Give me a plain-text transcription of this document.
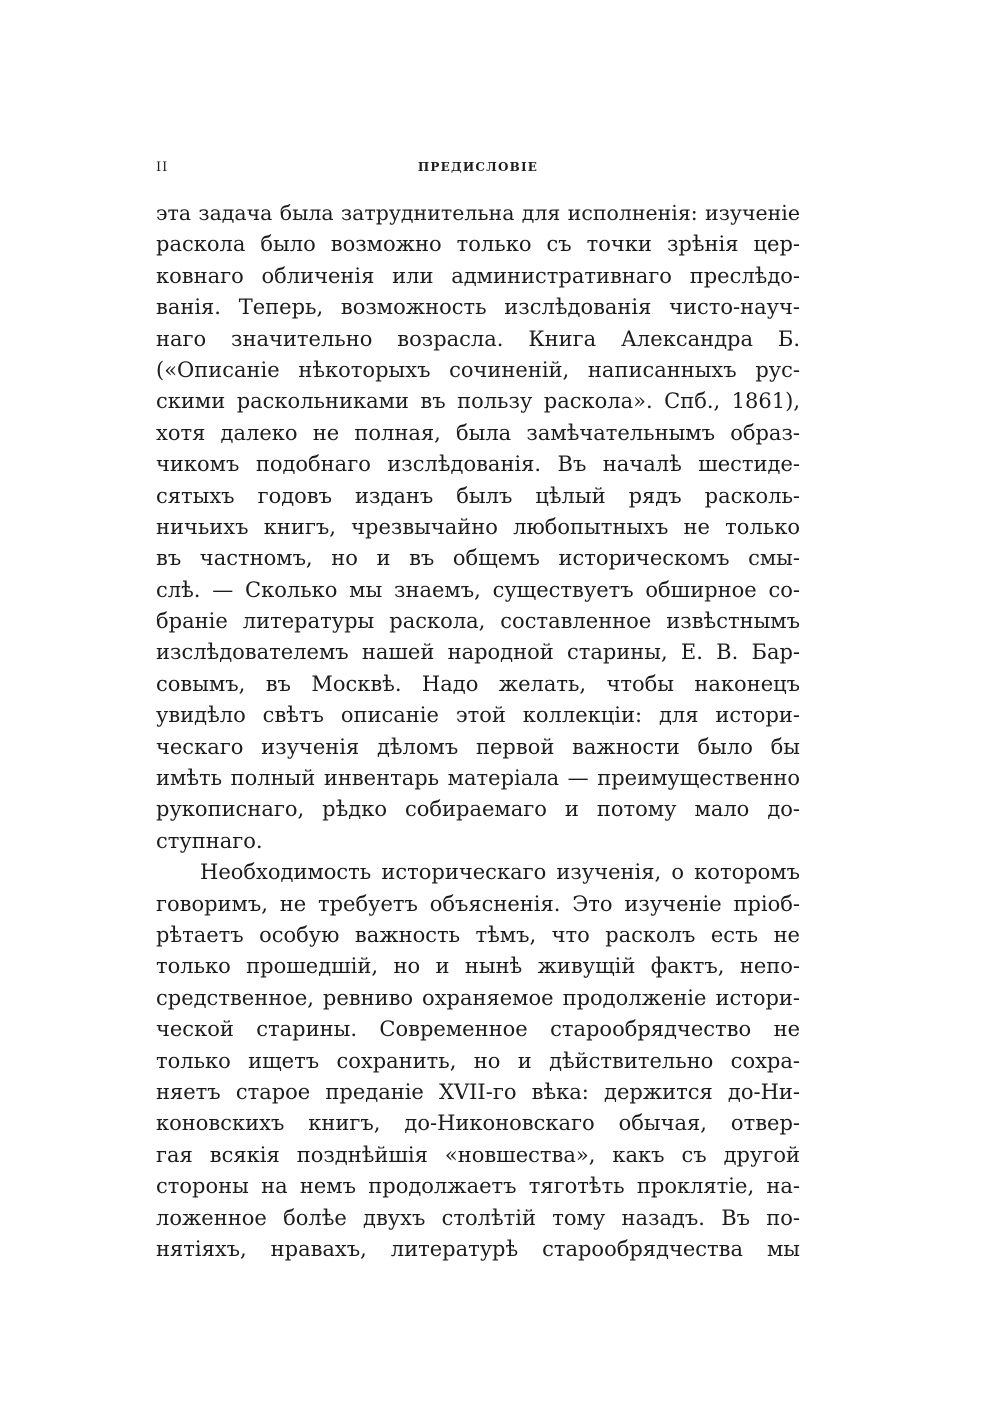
II	ПРЕДИСЛОВІЕ
эта задача была затруднительна для исполненія: изученіе
раскола было возможно только съ точки зрѣнія цер-
ковнаго обличенія или административнаго преслѣдо-
ванія. Теперь, возможность изслѣдованія чисто-науч-
наго значительно возрасла. Книга Александра Б.
(«Описаніе нѣкоторыхъ сочиненій, написанныхъ рус-
скими раскольниками въ пользу раскола». Спб., 1861),
хотя далеко не полная, была замѣчательнымъ образ-
чикомъ подобнаго изслѣдованія. Въ началѣ шестиде-
сятыхъ годовъ изданъ былъ цѣлый рядъ расколь-
ничьихъ книгъ, чрезвычайно любопытныхъ не только
въ частномъ, но и въ общемъ историческомъ смы-
слѣ. — Сколько мы знаемъ, существуетъ обширное со-
браніе литературы раскола, составленное извѣстнымъ
изслѣдователемъ нашей народной старины, Е. В. Бар-
совымъ, въ Москвѣ. Надо желать, чтобы наконецъ
увидѣло свѣтъ описаніе этой коллекціи: для истори-
ческаго изученія дѣломъ первой важности было бы
имѣть полный инвентарь матеріала — преимущественно
рукописнаго, рѣдко собираемаго и потому мало до-
ступнаго.
Необходимость историческаго изученія, о которомъ
говоримъ, не требуетъ объясненія. Это изученіе пріоб-
рѣтаетъ особую важность тѣмъ, что расколъ есть не
только прошедшій, но и нынѣ живущій фактъ, непо-
средственное, ревниво охраняемое продолженіе истори-
ческой старины. Современное старообрядчество не
только ищетъ сохранить, но и дѣйствительно сохра-
няетъ старое преданіе XVII-го вѣка: держится до-Ни-
коновскихъ книгъ, до-Никоновскаго обычая, отвер-
гая всякія позднѣйшія «новшества», какъ съ другой
стороны на немъ продолжаетъ тяготѣть проклятіе, на-
ложенное болѣе двухъ столѣтій тому назадъ. Въ по-
нятіяхъ, нравахъ, литературѣ старообрядчества мы
